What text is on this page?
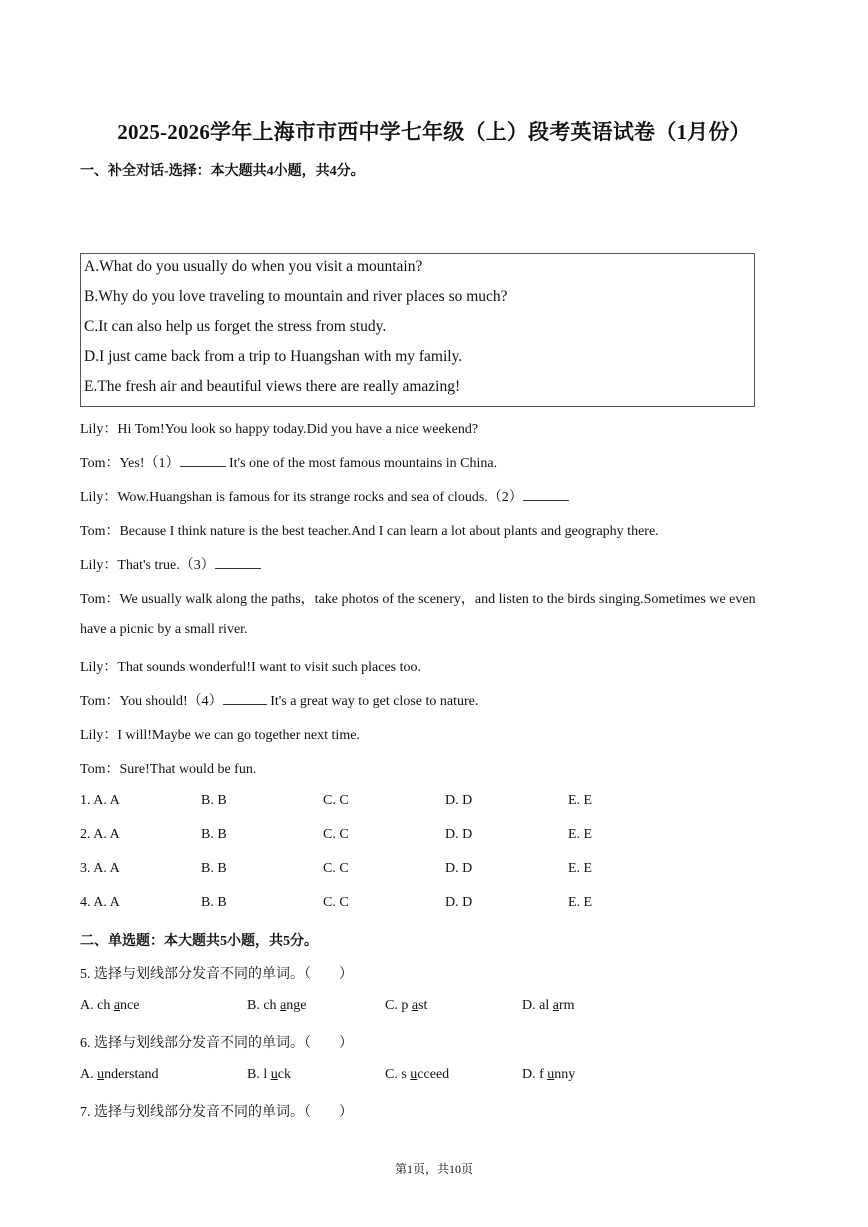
2025-2026学年上海市市西中学七年级（上）段考英语试卷（1月份）
一、补全对话-选择：本大题共4小题，共4分。
A.What do you usually do when you visit a mountain?
B.Why do you love traveling to mountain and river places so much?
C.It can also help us forget the stress from study.
D.I just came back from a trip to Huangshan with my family.
E.The fresh air and beautiful views there are really amazing!
Lily：Hi Tom!You look so happy today.Did you have a nice weekend?
Tom：Yes!（1）	It's one of the most famous mountains in China.
Lily：Wow.Huangshan is famous for its strange rocks and sea of clouds.（2）
Tom：Because I think nature is the best teacher.And I can learn a lot about plants and geography there.
Lily：That's true.（3）
Tom：We usually walk along the paths，take photos of the scenery，and listen to the birds singing.Sometimes we even
have a picnic by a small river.
Lily：That sounds wonderful!I want to visit such places too.
Tom：You should!（4）	It's a great way to get close to nature.
Lily：I will!Maybe we can go together next time.
Tom：Sure!That would be fun.
1. A. A	B. B	C. C	D. D	E. E
2. A. A	B. B	C. C	D. D	E. E
3. A. A	B. B	C. C	D. D	E. E
4. A. A	B. B	C. C	D. D	E. E
二、单选题：本大题共5小题，共5分。
5. 选择与划线部分发音不同的单词。（　　）
A. ch ance	B. ch ange	C. p ast	D. al arm
6. 选择与划线部分发音不同的单词。（　　）
A. understand	B. l uck	C. s ucceed	D. f unny
7. 选择与划线部分发音不同的单词。（　　）
第1页，共10页
